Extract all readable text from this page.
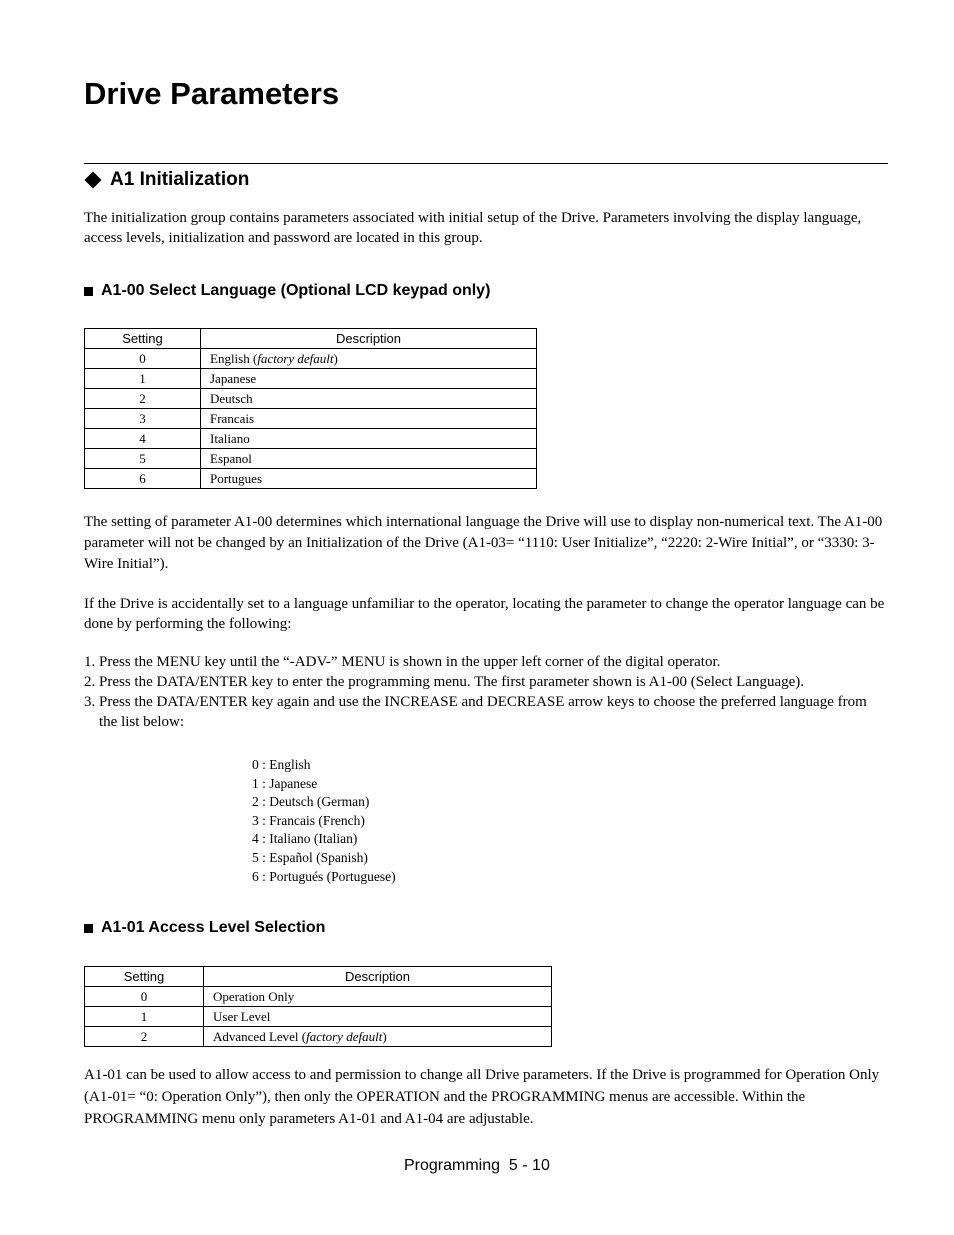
Drive Parameters
A1 Initialization

The initialization group contains parameters associated with initial setup of the Drive. Parameters involving the display language, access levels, initialization and password are located in this group.

A1-00 Select Language (Optional LCD keypad only)
Setting	Description
0	English (factory default)
1	Japanese
2	Deutsch
3	Francais
4	Italiano
5	Espanol
6	Portugues

The setting of parameter A1-00 determines which international language the Drive will use to display non-numerical text. The A1-00 parameter will not be changed by an Initialization of the Drive (A1-03= “1110: User Initialize”, “2220: 2-Wire Initial”, or “3330: 3-Wire Initial”).

If the Drive is accidentally set to a language unfamiliar to the operator, locating the parameter to change the operator language can be done by performing the following:

1. Press the MENU key until the “-ADV-” MENU is shown in the upper left corner of the digital operator.
2. Press the DATA/ENTER key to enter the programming menu. The first parameter shown is A1-00 (Select Language).
3. Press the DATA/ENTER key again and use the INCREASE and DECREASE arrow keys to choose the preferred language from the list below:
0 : English
1 : Japanese
2 : Deutsch (German)
3 : Francais (French)
4 : Italiano (Italian)
5 : Español (Spanish)
6 : Portugués (Portuguese)
A1-01 Access Level Selection
Setting	Description
0	Operation Only
1	User Level
2	Advanced Level (factory default)

A1-01 can be used to allow access to and permission to change all Drive parameters. If the Drive is programmed for Operation Only (A1-01= “0: Operation Only”), then only the OPERATION and the PROGRAMMING menus are accessible. Within the PROGRAMMING menu only parameters A1-01 and A1-04 are adjustable.

Programming 5 - 10
